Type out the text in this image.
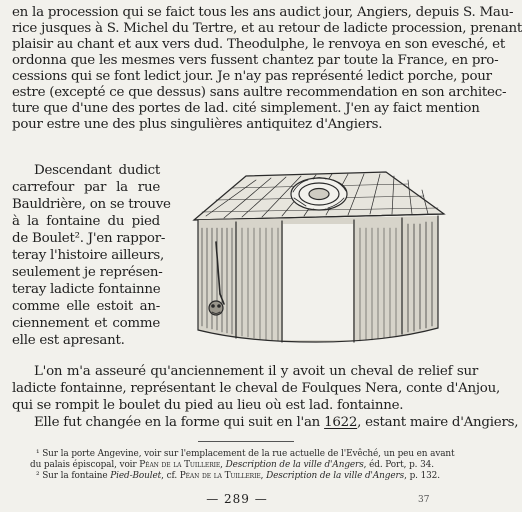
en la procession qui se faict tous les ans audict jour, Angiers, depuis S. Mau-

rice jusques à S. Michel du Tertre, et au retour de ladicte procession, prenant

plaisir au chant et aux vers dud. Theodulphe, le renvoya en son evesché, et

ordonna que les mesmes vers fussent chantez par toute la France, en pro-

cessions qui se font ledict jour. Je n'ay pas représenté ledict porche, pour

estre (excepté ce que dessus) sans aultre recommendation en son architec-

ture que d'une des portes de lad. cité simplement. J'en ay faict mention

pour estre une des plus singulières antiquitez d'Angiers.

Descendant dudict

carrefour par la rue

Bauldrière, on se trouve

à la fontaine du pied

de Boulet². J'en rappor-

teray l'histoire ailleurs,

seulement je représen-

teray ladicte fontainne

comme elle estoit an-

ciennement et comme

elle est apresant.

L'on m'a asseuré qu'anciennement il y avoit un cheval de relief sur

ladicte fontainne, représentant le cheval de Foulques Nera, conte d'Anjou,

qui se rompit le boulet du pied au lieu où est lad. fontainne.

Elle fut changée en la forme qui suit en l'an 1622, estant maire d'Angiers,

¹ Sur la porte Angevine, voir sur l'emplacement de la rue actuelle de l'Evêché, un peu en avant

du palais épiscopal, voir Péan de la Tuillerie, Description de la ville d'Angers, éd. Port, p. 34.

² Sur la fontaine Pied-Boulet, cf. Péan de la Tuillerie, Description de la ville d'Angers, p. 132.

— 289 —	37
